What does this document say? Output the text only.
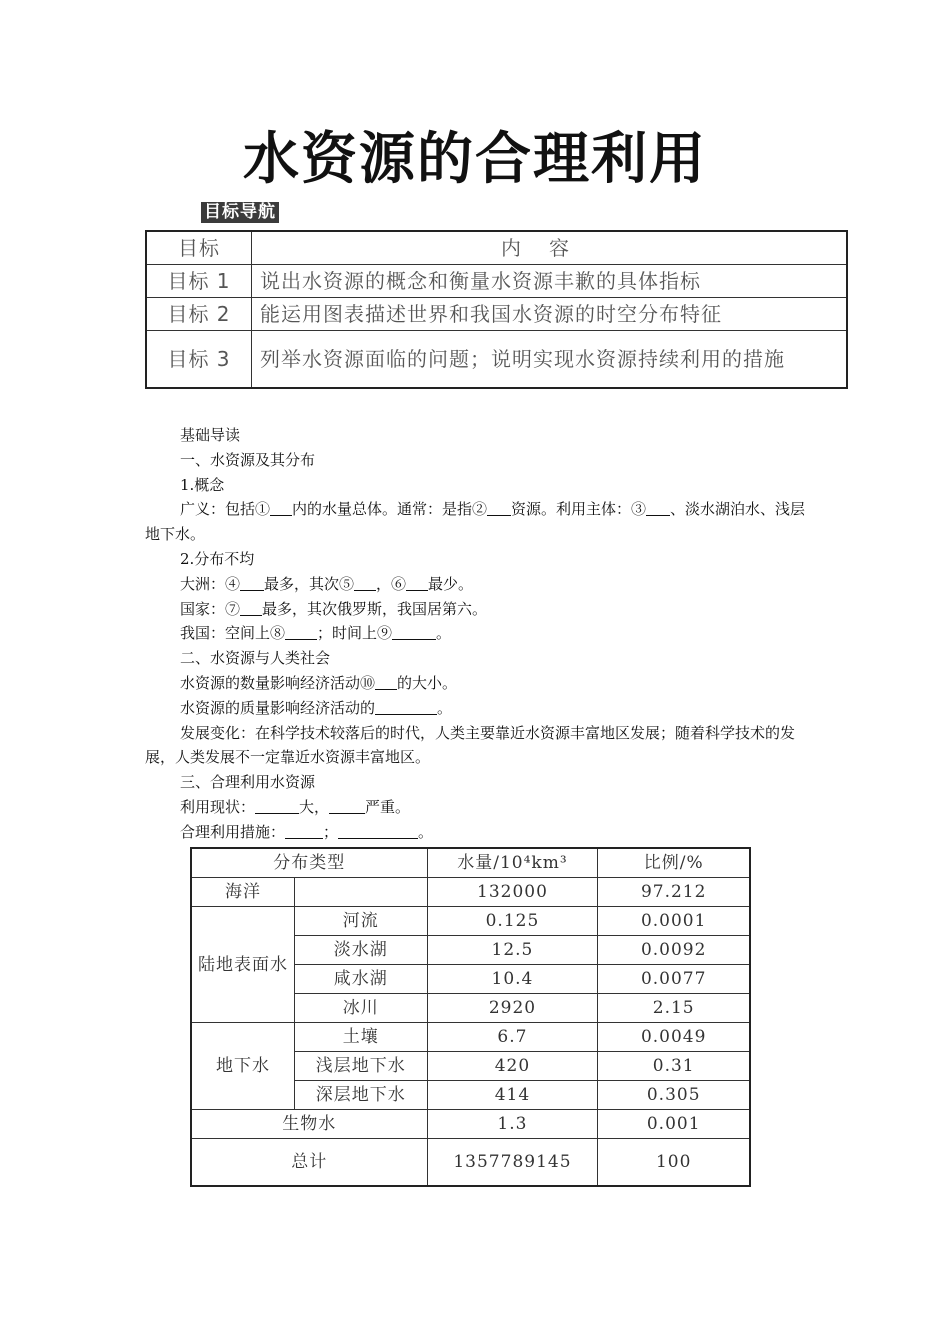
水资源的合理利用
目标导航
目标	内容
目标 1	说出水资源的概念和衡量水资源丰歉的具体指标
目标 2	能运用图表描述世界和我国水资源的时空分布特征
目标 3	列举水资源面临的问题；说明实现水资源持续利用的措施

基础导读

一、水资源及其分布

1.概念

广义：包括① 内的水量总体。通常：是指② 资源。利用主体：③ 、淡水湖泊水、浅层地下水。

2.分布不均

大洲：④ 最多，其次⑤ ，⑥ 最少。

国家：⑦ 最多，其次俄罗斯，我国居第六。

我国：空间上⑧ ；时间上⑨	。

二、水资源与人类社会

水资源的数量影响经济活动⑩ 的大小。

水资源的质量影响经济活动的	。

发展变化：在科学技术较落后的时代，人类主要靠近水资源丰富地区发展；随着科学技术的发展，人类发展不一定靠近水资源丰富地区。

三、合理利用水资源

利用现状：	大， 严重。

合理利用措施：	；	。

分布类型		水量/10⁴km³	比例/%
海洋		132000	97.212
陆地表面水	河流	0.125	0.0001
	淡水湖	12.5	0.0092
	咸水湖	10.4	0.0077
	冰川	2920	2.15
地下水	土壤	6.7	0.0049
	浅层地下水	420	0.31
	深层地下水	414	0.305
生物水		1.3	0.001
总计		1357789145	100
